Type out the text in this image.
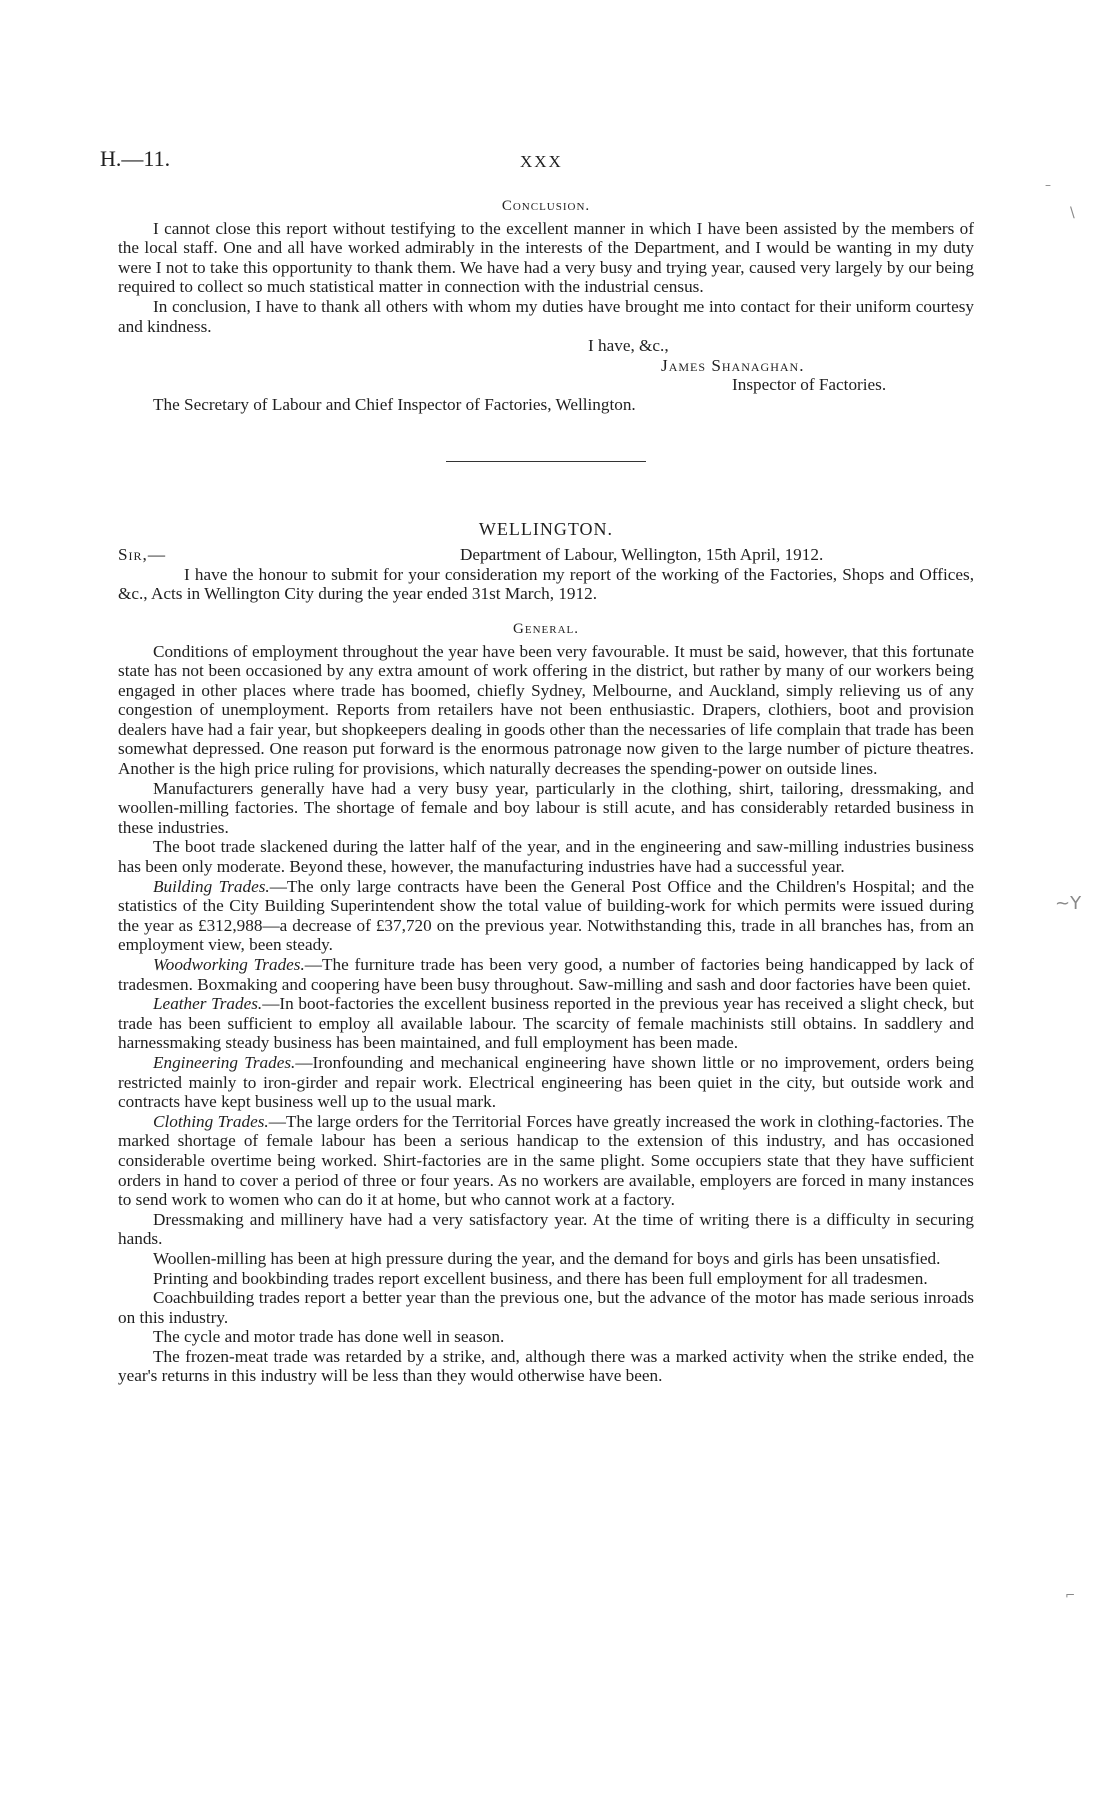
H.—11.	XXX

Conclusion.

I cannot close this report without testifying to the excellent manner in which I have been assisted by the members of the local staff. One and all have worked admirably in the interests of the Department, and I would be wanting in my duty were I not to take this opportunity to thank them. We have had a very busy and trying year, caused very largely by our being required to collect so much statistical matter in connection with the industrial census.

In conclusion, I have to thank all others with whom my duties have brought me into contact for their uniform courtesy and kindness.

I have, &c.,

James Shanaghan.

Inspector of Factories.

The Secretary of Labour and Chief Inspector of Factories, Wellington.

WELLINGTON.

Sir,—	Department of Labour, Wellington, 15th April, 1912.

I have the honour to submit for your consideration my report of the working of the Factories, Shops and Offices, &c., Acts in Wellington City during the year ended 31st March, 1912.

General.

Conditions of employment throughout the year have been very favourable. It must be said, however, that this fortunate state has not been occasioned by any extra amount of work offering in the district, but rather by many of our workers being engaged in other places where trade has boomed, chiefly Sydney, Melbourne, and Auckland, simply relieving us of any congestion of unemployment. Reports from retailers have not been enthusiastic. Drapers, clothiers, boot and provision dealers have had a fair year, but shopkeepers dealing in goods other than the necessaries of life complain that trade has been somewhat depressed. One reason put forward is the enormous patronage now given to the large number of picture theatres. Another is the high price ruling for provisions, which naturally decreases the spending-power on outside lines.

Manufacturers generally have had a very busy year, particularly in the clothing, shirt, tailoring, dressmaking, and woollen-milling factories. The shortage of female and boy labour is still acute, and has considerably retarded business in these industries.

The boot trade slackened during the latter half of the year, and in the engineering and saw-milling industries business has been only moderate. Beyond these, however, the manufacturing industries have had a successful year.

Building Trades.—The only large contracts have been the General Post Office and the Children's Hospital; and the statistics of the City Building Superintendent show the total value of building-work for which permits were issued during the year as £312,988—a decrease of £37,720 on the previous year. Notwithstanding this, trade in all branches has, from an employment view, been steady.

Woodworking Trades.—The furniture trade has been very good, a number of factories being handicapped by lack of tradesmen. Boxmaking and coopering have been busy throughout. Saw-milling and sash and door factories have been quiet.

Leather Trades.—In boot-factories the excellent business reported in the previous year has received a slight check, but trade has been sufficient to employ all available labour. The scarcity of female machinists still obtains. In saddlery and harnessmaking steady business has been maintained, and full employment has been made.

Engineering Trades.—Ironfounding and mechanical engineering have shown little or no improvement, orders being restricted mainly to iron-girder and repair work. Electrical engineering has been quiet in the city, but outside work and contracts have kept business well up to the usual mark.

Clothing Trades.—The large orders for the Territorial Forces have greatly increased the work in clothing-factories. The marked shortage of female labour has been a serious handicap to the extension of this industry, and has occasioned considerable overtime being worked. Shirt-factories are in the same plight. Some occupiers state that they have sufficient orders in hand to cover a period of three or four years. As no workers are available, employers are forced in many instances to send work to women who can do it at home, but who cannot work at a factory.

Dressmaking and millinery have had a very satisfactory year. At the time of writing there is a difficulty in securing hands.

Woollen-milling has been at high pressure during the year, and the demand for boys and girls has been unsatisfied.

Printing and bookbinding trades report excellent business, and there has been full employment for all tradesmen.

Coachbuilding trades report a better year than the previous one, but the advance of the motor has made serious inroads on this industry.

The cycle and motor trade has done well in season.

The frozen-meat trade was retarded by a strike, and, although there was a marked activity when the strike ended, the year's returns in this industry will be less than they would otherwise have been.

\
–
~Y
⌐
